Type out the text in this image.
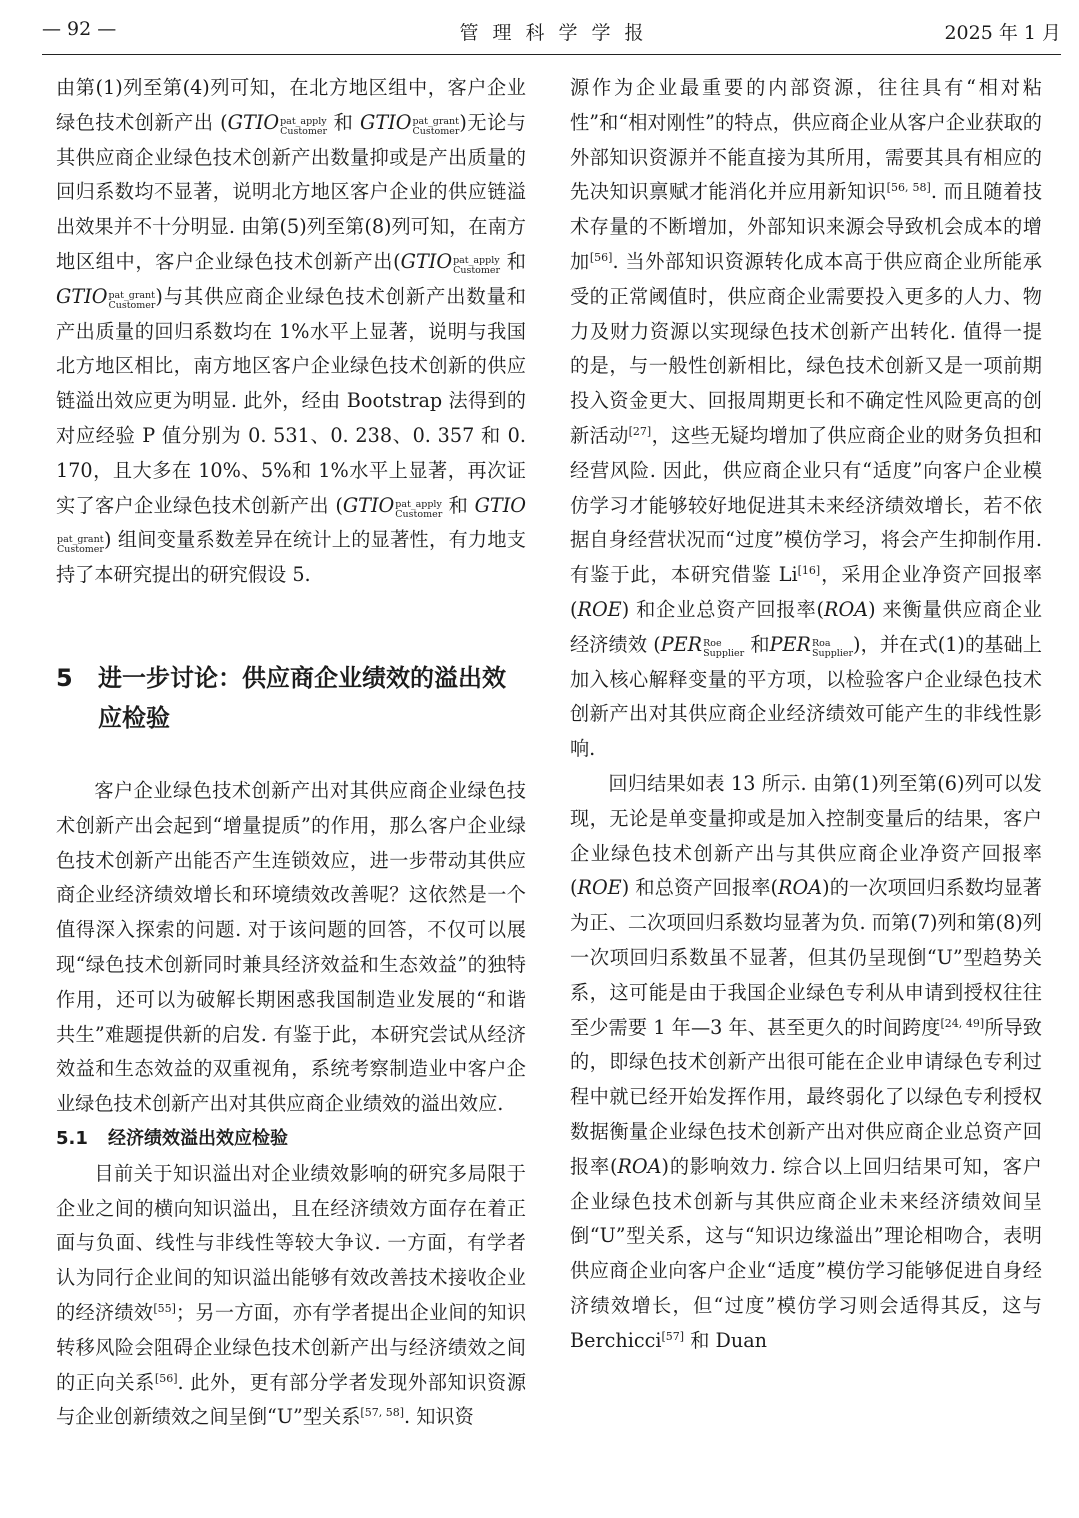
— 92 —	管理科学学报	2025 年 1 月

由第(1)列至第(4)列可知，在北方地区组中，客户企业绿色技术创新产出 (GTIO pat_apply
Customer 和 GTIO pat_grant
Customer )无论与其供应商企业绿色技术创新产出数量抑或是产出质量的回归系数均不显著，说明北方地区客户企业的供应链溢出效果并不十分明显. 由第(5)列至第(8)列可知，在南方地区组中，客户企业绿色技术创新产出(GTIO pat_apply
Customer 和 GTIO pat_grant
Customer )与其供应商企业绿色技术创新产出数量和产出质量的回归系数均在 1%水平上显著，说明与我国北方地区相比，南方地区客户企业绿色技术创新的供应链溢出效应更为明显. 此外，经由 Bootstrap 法得到的对应经验 P 值分别为 0. 531、0. 238、0. 357 和 0. 170，且大多在 10%、5%和 1%水平上显著，再次证实了客户企业绿色技术创新产出 (GTIO pat_apply
Customer 和 GTIO
pat_grant
Customer ) 组间变量系数差异在统计上的显著性，有力地支持了本研究提出的研究假设 5.

5 进一步讨论：供应商企业绩效的溢出效应检验

客户企业绿色技术创新产出对其供应商企业绿色技术创新产出会起到“增量提质”的作用，那么客户企业绿色技术创新产出能否产生连锁效应，进一步带动其供应商企业经济绩效增长和环境绩效改善呢？这依然是一个值得深入探索的问题. 对于该问题的回答，不仅可以展现“绿色技术创新同时兼具经济效益和生态效益”的独特作用，还可以为破解长期困惑我国制造业发展的“和谐共生”难题提供新的启发. 有鉴于此，本研究尝试从经济效益和生态效益的双重视角，系统考察制造业中客户企业绿色技术创新产出对其供应商企业绩效的溢出效应.

5.1 经济绩效溢出效应检验

目前关于知识溢出对企业绩效影响的研究多局限于企业之间的横向知识溢出，且在经济绩效方面存在着正面与负面、线性与非线性等较大争议. 一方面，有学者认为同行企业间的知识溢出能够有效改善技术接收企业的经济绩效[55]；另一方面，亦有学者提出企业间的知识转移风险会阻碍企业绿色技术创新产出与经济绩效之间的正向关系[56]. 此外，更有部分学者发现外部知识资源与企业创新绩效之间呈倒“U”型关系[57, 58]. 知识资

源作为企业最重要的内部资源，往往具有“相对粘性”和“相对刚性”的特点，供应商企业从客户企业获取的外部知识资源并不能直接为其所用，需要其具有相应的先决知识禀赋才能消化并应用新知识[56, 58]. 而且随着技术存量的不断增加，外部知识来源会导致机会成本的增加[56]. 当外部知识资源转化成本高于供应商企业所能承受的正常阈值时，供应商企业需要投入更多的人力、物力及财力资源以实现绿色技术创新产出转化. 值得一提的是，与一般性创新相比，绿色技术创新又是一项前期投入资金更大、回报周期更长和不确定性风险更高的创新活动[27]，这些无疑均增加了供应商企业的财务负担和经营风险. 因此，供应商企业只有“适度”向客户企业模仿学习才能够较好地促进其未来经济绩效增长，若不依据自身经营状况而“过度”模仿学习，将会产生抑制作用. 有鉴于此，本研究借鉴 Li[16]，采用企业净资产回报率(ROE) 和企业总资产回报率(ROA) 来衡量供应商企业经济绩效 (PER Roe
Supplier 和PER Roa
Supplier )，并在式(1)的基础上加入核心解释变量的平方项，以检验客户企业绿色技术创新产出对其供应商企业经济绩效可能产生的非线性影响.

回归结果如表 13 所示. 由第(1)列至第(6)列可以发现，无论是单变量抑或是加入控制变量后的结果，客户企业绿色技术创新产出与其供应商企业净资产回报率(ROE) 和总资产回报率(ROA)的一次项回归系数均显著为正、二次项回归系数均显著为负. 而第(7)列和第(8)列一次项回归系数虽不显著，但其仍呈现倒“U”型趋势关系，这可能是由于我国企业绿色专利从申请到授权往往至少需要 1 年—3 年、甚至更久的时间跨度[24, 49]所导致的，即绿色技术创新产出很可能在企业申请绿色专利过程中就已经开始发挥作用，最终弱化了以绿色专利授权数据衡量企业绿色技术创新产出对供应商企业总资产回报率(ROA)的影响效力. 综合以上回归结果可知，客户企业绿色技术创新与其供应商企业未来经济绩效间呈倒“U”型关系，这与“知识边缘溢出”理论相吻合，表明供应商企业向客户企业“适度”模仿学习能够促进自身经济绩效增长，但“过度”模仿学习则会适得其反，这与 Berchicci[57] 和 Duan
